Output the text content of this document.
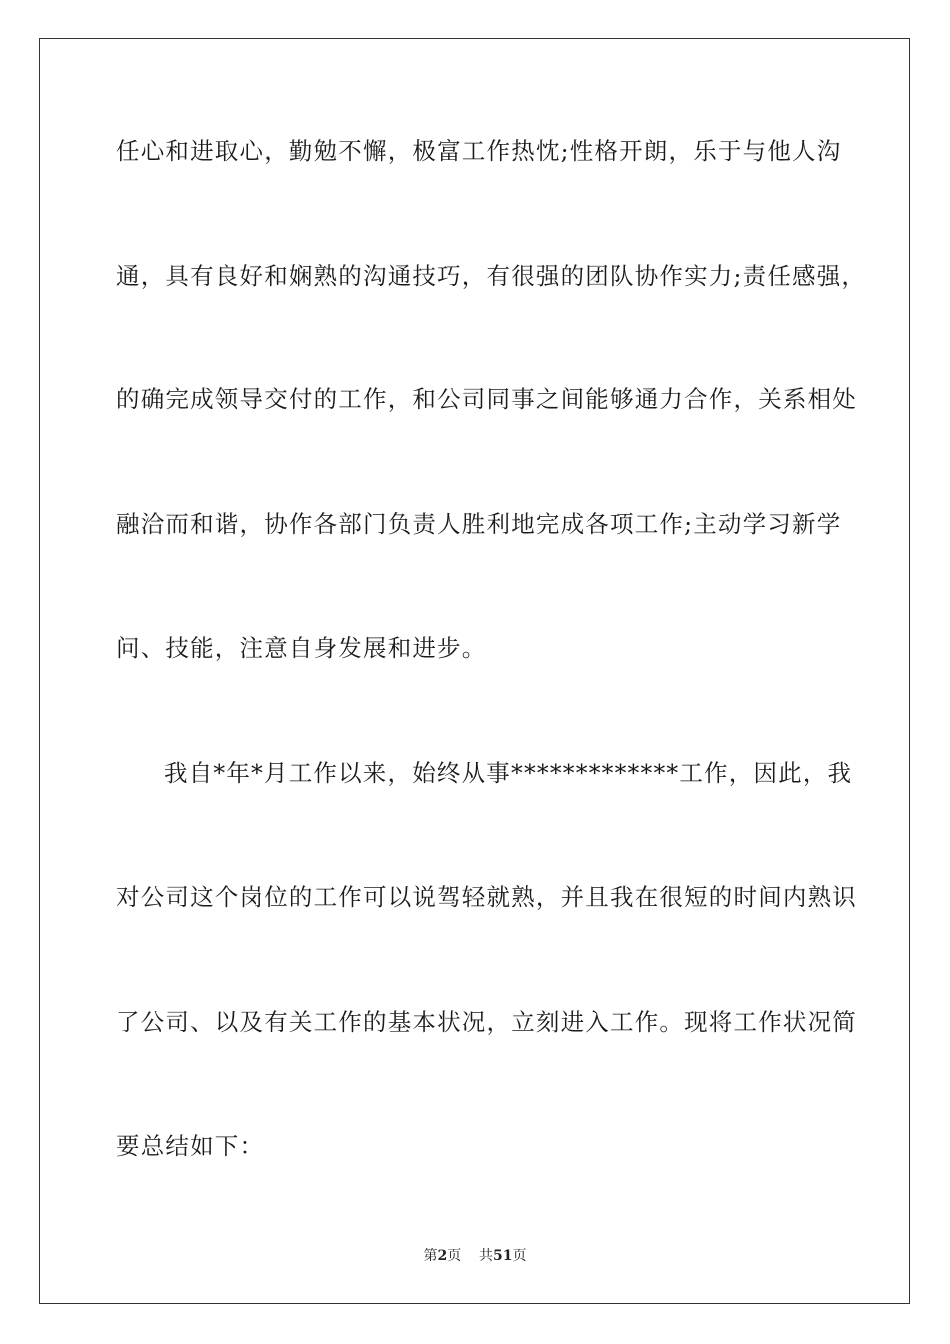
任心和进取心，勤勉不懈，极富工作热忱;性格开朗，乐于与他人沟
通，具有良好和娴熟的沟通技巧，有很强的团队协作实力;责任感强，
的确完成领导交付的工作，和公司同事之间能够通力合作，关系相处
融洽而和谐，协作各部门负责人胜利地完成各项工作;主动学习新学
问、技能，注意自身发展和进步。
我自*年*月工作以来，始终从事*************工作，因此，我
对公司这个岗位的工作可以说驾轻就熟，并且我在很短的时间内熟识
了公司、以及有关工作的基本状况，立刻进入工作。现将工作状况简
要总结如下：
第2页 共51页
